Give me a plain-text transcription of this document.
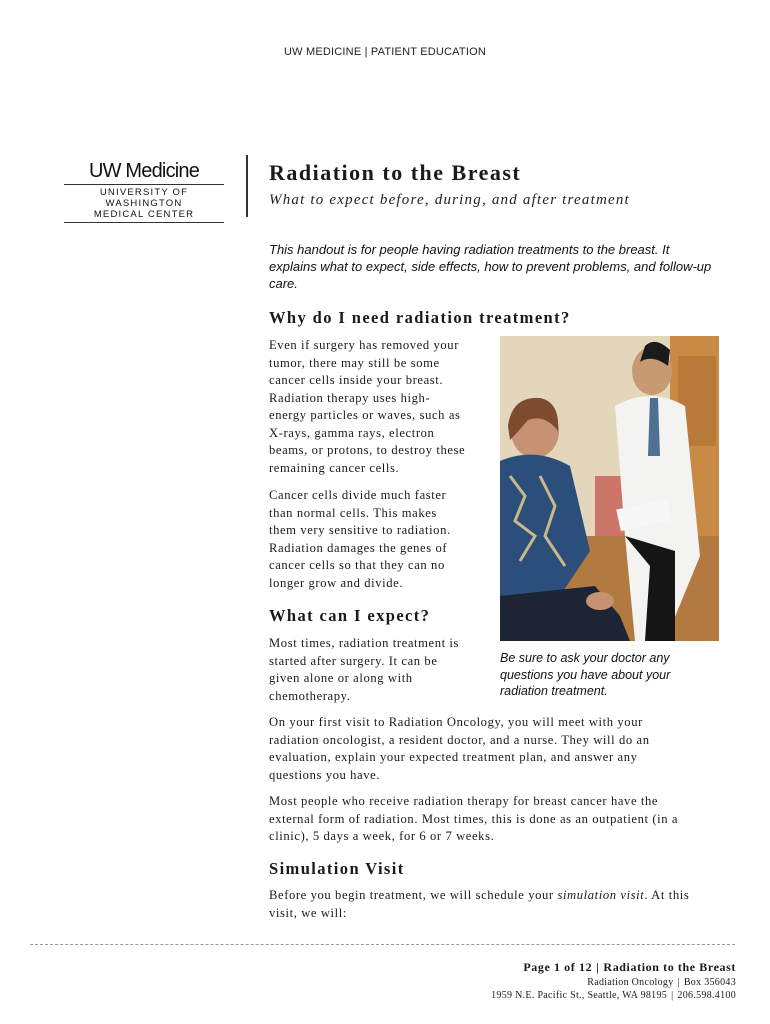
UW MEDICINE | PATIENT EDUCATION
UW Medicine
UNIVERSITY OF WASHINGTON
MEDICAL CENTER
Radiation to the Breast
What to expect before, during, and after treatment
This handout is for people having radiation treatments to the breast. It explains what to expect, side effects, how to prevent problems, and follow-up care.
Why do I need radiation treatment?
Even if surgery has removed your
tumor, there may still be some
cancer cells inside your breast.
Radiation therapy uses high-
energy particles or waves, such as
X-rays, gamma rays, electron
beams, or protons, to destroy these
remaining cancer cells.
Cancer cells divide much faster
than normal cells. This makes
them very sensitive to radiation.
Radiation damages the genes of
cancer cells so that they can no
longer grow and divide.
Be sure to ask your doctor any questions you have about your radiation treatment.
What can I expect?
Most times, radiation treatment is
started after surgery. It can be
given alone or along with
chemotherapy.
On your first visit to Radiation Oncology, you will meet with your
radiation oncologist, a resident doctor, and a nurse. They will do an
evaluation, explain your expected treatment plan, and answer any
questions you have.
Most people who receive radiation therapy for breast cancer have the
external form of radiation. Most times, this is done as an outpatient (in a
clinic), 5 days a week, for 6 or 7 weeks.
Simulation Visit
Before you begin treatment, we will schedule your simulation visit. At this
visit, we will:
Page 1 of 12 | Radiation to the Breast
Radiation Oncology | Box 356043
1959 N.E. Pacific St., Seattle, WA 98195 | 206.598.4100
